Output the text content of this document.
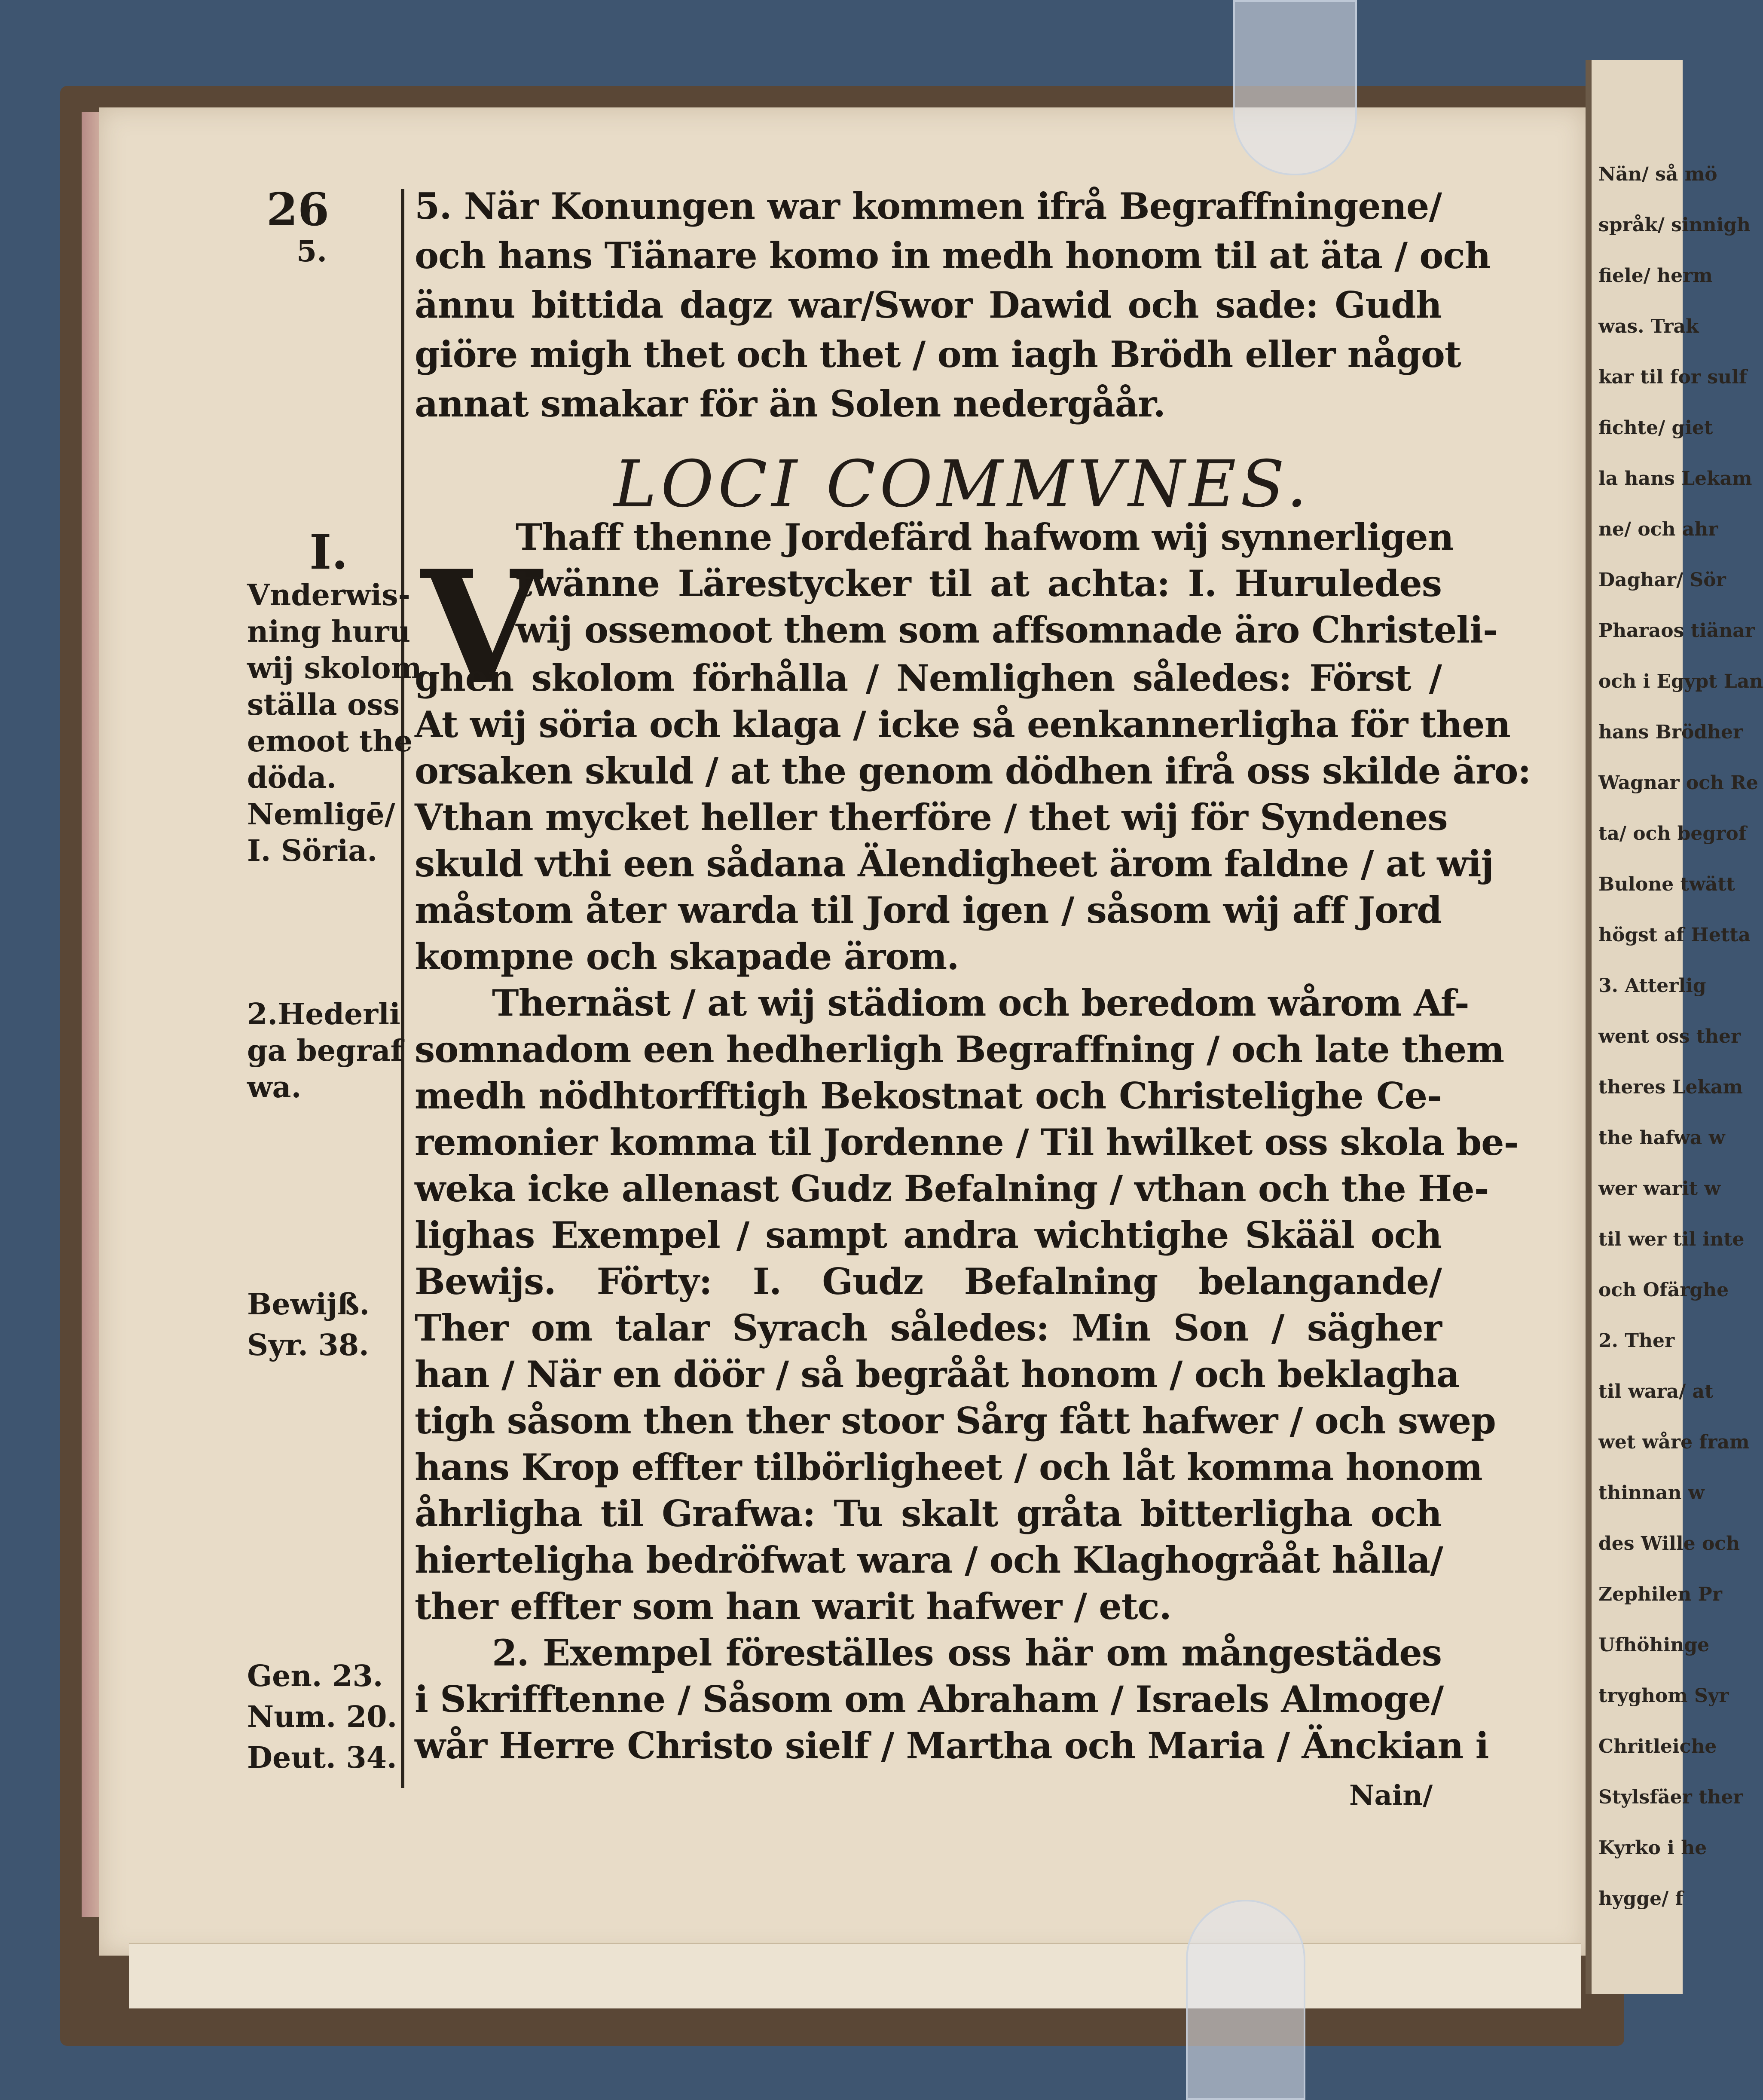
Nän/ så mö
språk/ sinnigh
fiele/ herm
was. Trak
kar til for sulf
fichte/ giet
la hans Lekam
ne/ och ahr
Daghar/ Sör
Pharaos tiänar
och i Egypt Lan
hans Brödher
Wagnar och Re
ta/ och begrof
Bulone twätt
högst af Hetta
3. Atterlig
went oss ther
theres Lekam
the hafwa w
wer warit w
til wer til inte
och Ofärghe
2. Ther
til wara/ at
wet wåre fram
thinnan w
des Wille och
Zephilen Pr
Ufhöhinge
tryghom Syr
Chritleiche
Stylsfäer ther
Kyrko i he
hygge/ f
26
5.
5. När Konungen war kommen ifrå Begraffningene/
och hans Tiänare komo in medh honom til at äta / och
ännu bittida dagz war/Swor Dawid och sade: Gudh
giöre migh thet och thet / om iagh Brödh eller något
annat smakar för än Solen nedergåår.
LOCI COMMVNES.
V
Thaff thenne Jordefärd hafwom wij synnerligen
twänne Lärestycker til at achta: I. Huruledes
wij ossemoot them som affsomnade äro Christeli-
ghen skolom förhålla / Nemlighen således: Först /
At wij söria och klaga / icke så eenkannerligha för then
orsaken skuld / at the genom dödhen ifrå oss skilde äro:
Vthan mycket heller therföre / thet wij för Syndenes
skuld vthi een sådana Älendigheet ärom faldne / at wij
måstom åter warda til Jord igen / såsom wij aff Jord
kompne och skapade ärom.
Thernäst / at wij städiom och beredom wårom Af-
somnadom een hedherligh Begraffning / och late them
medh nödhtorfftigh Bekostnat och Christelighe Ce-
remonier komma til Jordenne / Til hwilket oss skola be-
weka icke allenast Gudz Befalning / vthan och the He-
lighas Exempel / sampt andra wichtighe Skääl och
Bewijs. Förty: I. Gudz Befalning belangande/
Ther om talar Syrach således: Min Son / sägher
han / När en döör / så begrååt honom / och beklagha
tigh såsom then ther stoor Sårg fått hafwer / och swep
hans Krop effter tilbörligheet / och låt komma honom
åhrligha til Grafwa: Tu skalt gråta bitterligha och
hierteligha bedröfwat wara / och Klaghogrååt hålla/
ther effter som han warit hafwer / etc.
2. Exempel föreställes oss här om mångestädes
i Skrifftenne / Såsom om Abraham / Israels Almoge/
wår Herre Christo sielf / Martha och Maria / Änckian i
I.
Vnderwis-
ning huru
wij skolom
ställa oss
emoot the
döda.
Nemligē/
I. Söria.
2.Hederli
ga begraf
wa.
Bewijß.
Syr. 38.
Gen. 23.
Num. 20.
Deut. 34.
Nain/
